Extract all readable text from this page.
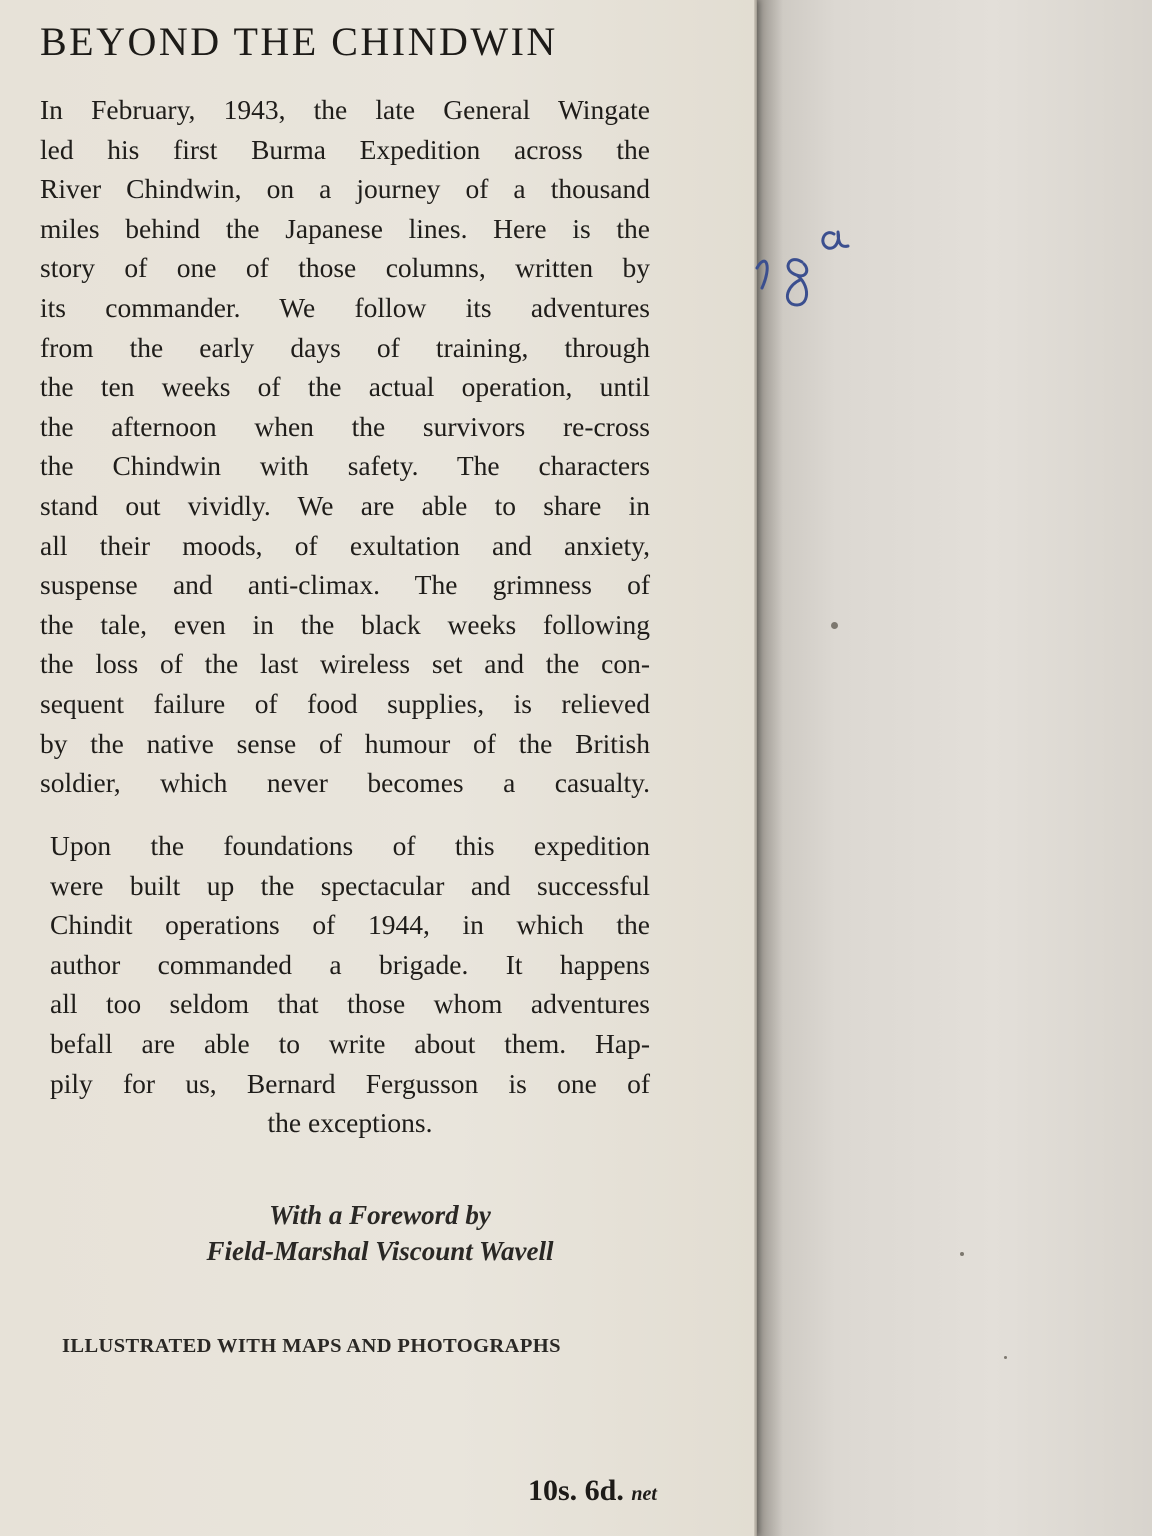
BEYOND THE CHINDWIN
In February, 1943, the late General Wingate
led his first Burma Expedition across the
River Chindwin, on a journey of a thousand
miles behind the Japanese lines. Here is the
story of one of those columns, written by
its commander. We follow its adventures
from the early days of training, through
the ten weeks of the actual operation, until
the afternoon when the survivors re-cross
the Chindwin with safety. The characters
stand out vividly. We are able to share in
all their moods, of exultation and anxiety,
suspense and anti-climax. The grimness of
the tale, even in the black weeks following
the loss of the last wireless set and the con-
sequent failure of food supplies, is relieved
by the native sense of humour of the British
soldier, which never becomes a casualty.
Upon the foundations of this expedition
were built up the spectacular and successful
Chindit operations of 1944, in which the
author commanded a brigade. It happens
all too seldom that those whom adventures
befall are able to write about them. Hap-
pily for us, Bernard Fergusson is one of
the exceptions.

With a Foreword by

Field-Marshal Viscount Wavell

ILLUSTRATED WITH MAPS AND PHOTOGRAPHS

10s. 6d. net
